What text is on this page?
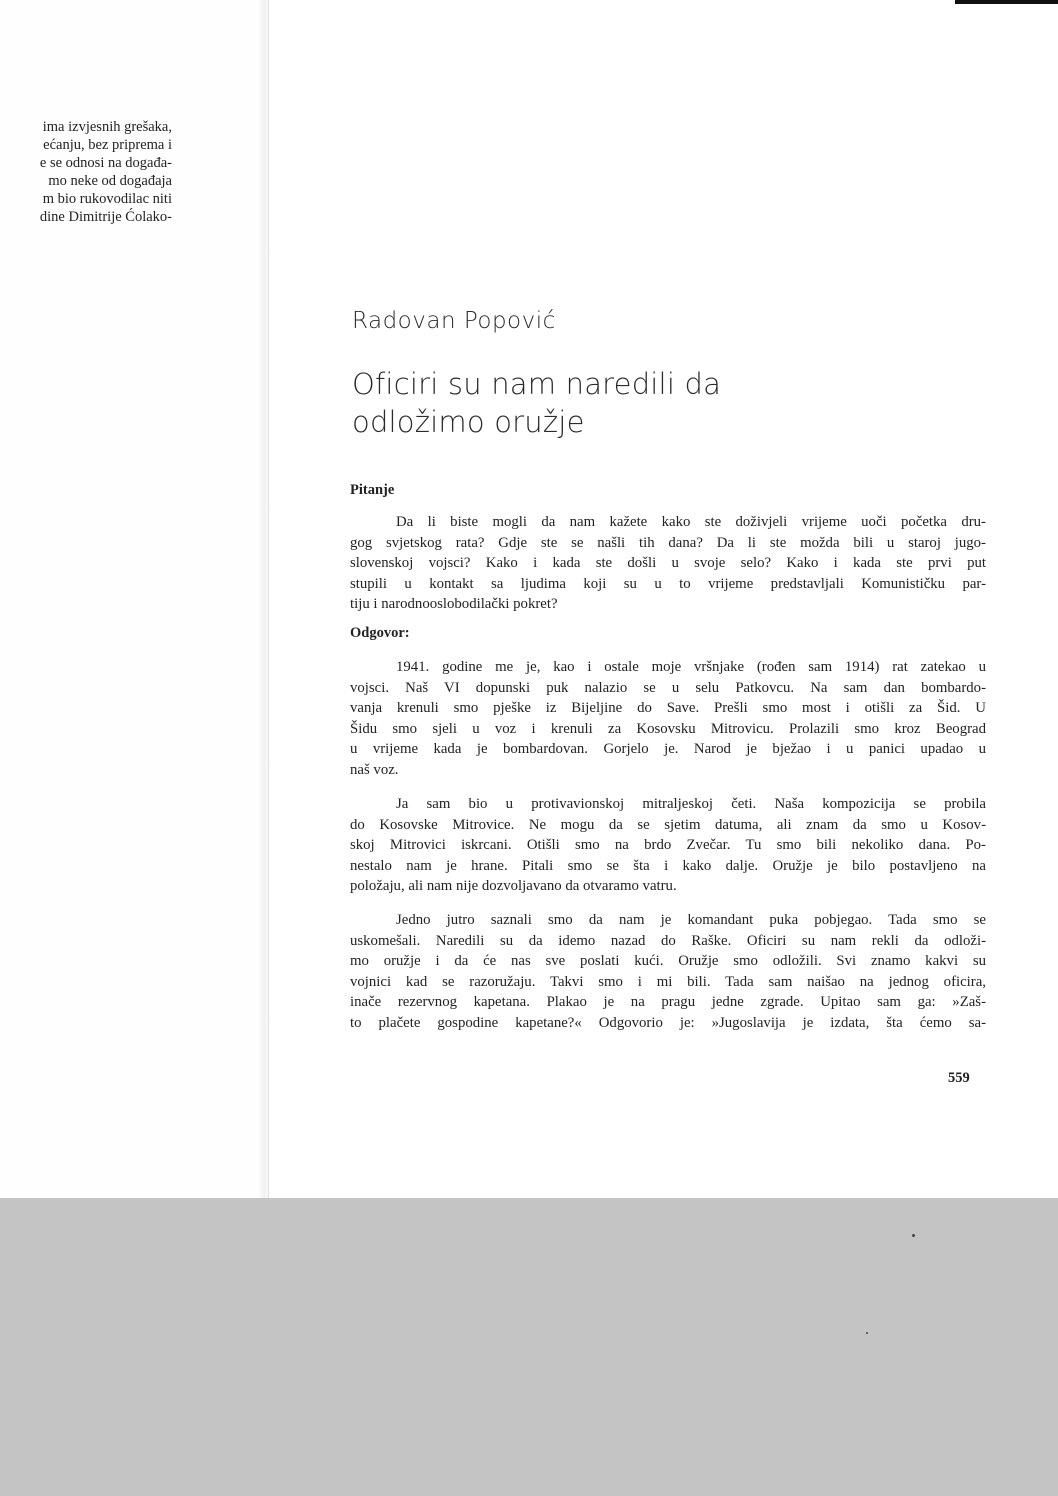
ima izvjesnih grešaka,
ećanju, bez priprema i
e se odnosi na događa-
mo neke od događaja
m bio rukovodilac niti
dine Dimitrije Ćolako-
Radovan Popović
Oficiri su nam naredili da
odložimo oružje
Pitanje
Da li biste mogli da nam kažete kako ste doživjeli vrijeme uoči početka dru-
gog svjetskog rata? Gdje ste se našli tih dana? Da li ste možda bili u staroj jugo-
slovenskoj vojsci? Kako i kada ste došli u svoje selo? Kako i kada ste prvi put
stupili u kontakt sa ljudima koji su u to vrijeme predstavljali Komunističku par-
tiju i narodnooslobodilački pokret?
Odgovor:
1941. godine me je, kao i ostale moje vršnjake (rođen sam 1914) rat zatekao u
vojsci. Naš VI dopunski puk nalazio se u selu Patkovcu. Na sam dan bombardo-
vanja krenuli smo pješke iz Bijeljine do Save. Prešli smo most i otišli za Šid. U
Šidu smo sjeli u voz i krenuli za Kosovsku Mitrovicu. Prolazili smo kroz Beograd
u vrijeme kada je bombardovan. Gorjelo je. Narod je bježao i u panici upadao u
naš voz.
Ja sam bio u protivavionskoj mitraljeskoj četi. Naša kompozicija se probila
do Kosovske Mitrovice. Ne mogu da se sjetim datuma, ali znam da smo u Kosov-
skoj Mitrovici iskrcani. Otišli smo na brdo Zvečar. Tu smo bili nekoliko dana. Po-
nestalo nam je hrane. Pitali smo se šta i kako dalje. Oružje je bilo postavljeno na
položaju, ali nam nije dozvoljavano da otvaramo vatru.
Jedno jutro saznali smo da nam je komandant puka pobjegao. Tada smo se
uskomešali. Naredili su da idemo nazad do Raške. Oficiri su nam rekli da odloži-
mo oružje i da će nas sve poslati kući. Oružje smo odložili. Svi znamo kakvi su
vojnici kad se razoružaju. Takvi smo i mi bili. Tada sam naišao na jednog oficira,
inače rezervnog kapetana. Plakao je na pragu jedne zgrade. Upitao sam ga: »Zaš-
to plačete gospodine kapetane?« Odgovorio je: »Jugoslavija je izdata, šta ćemo sa-
559
